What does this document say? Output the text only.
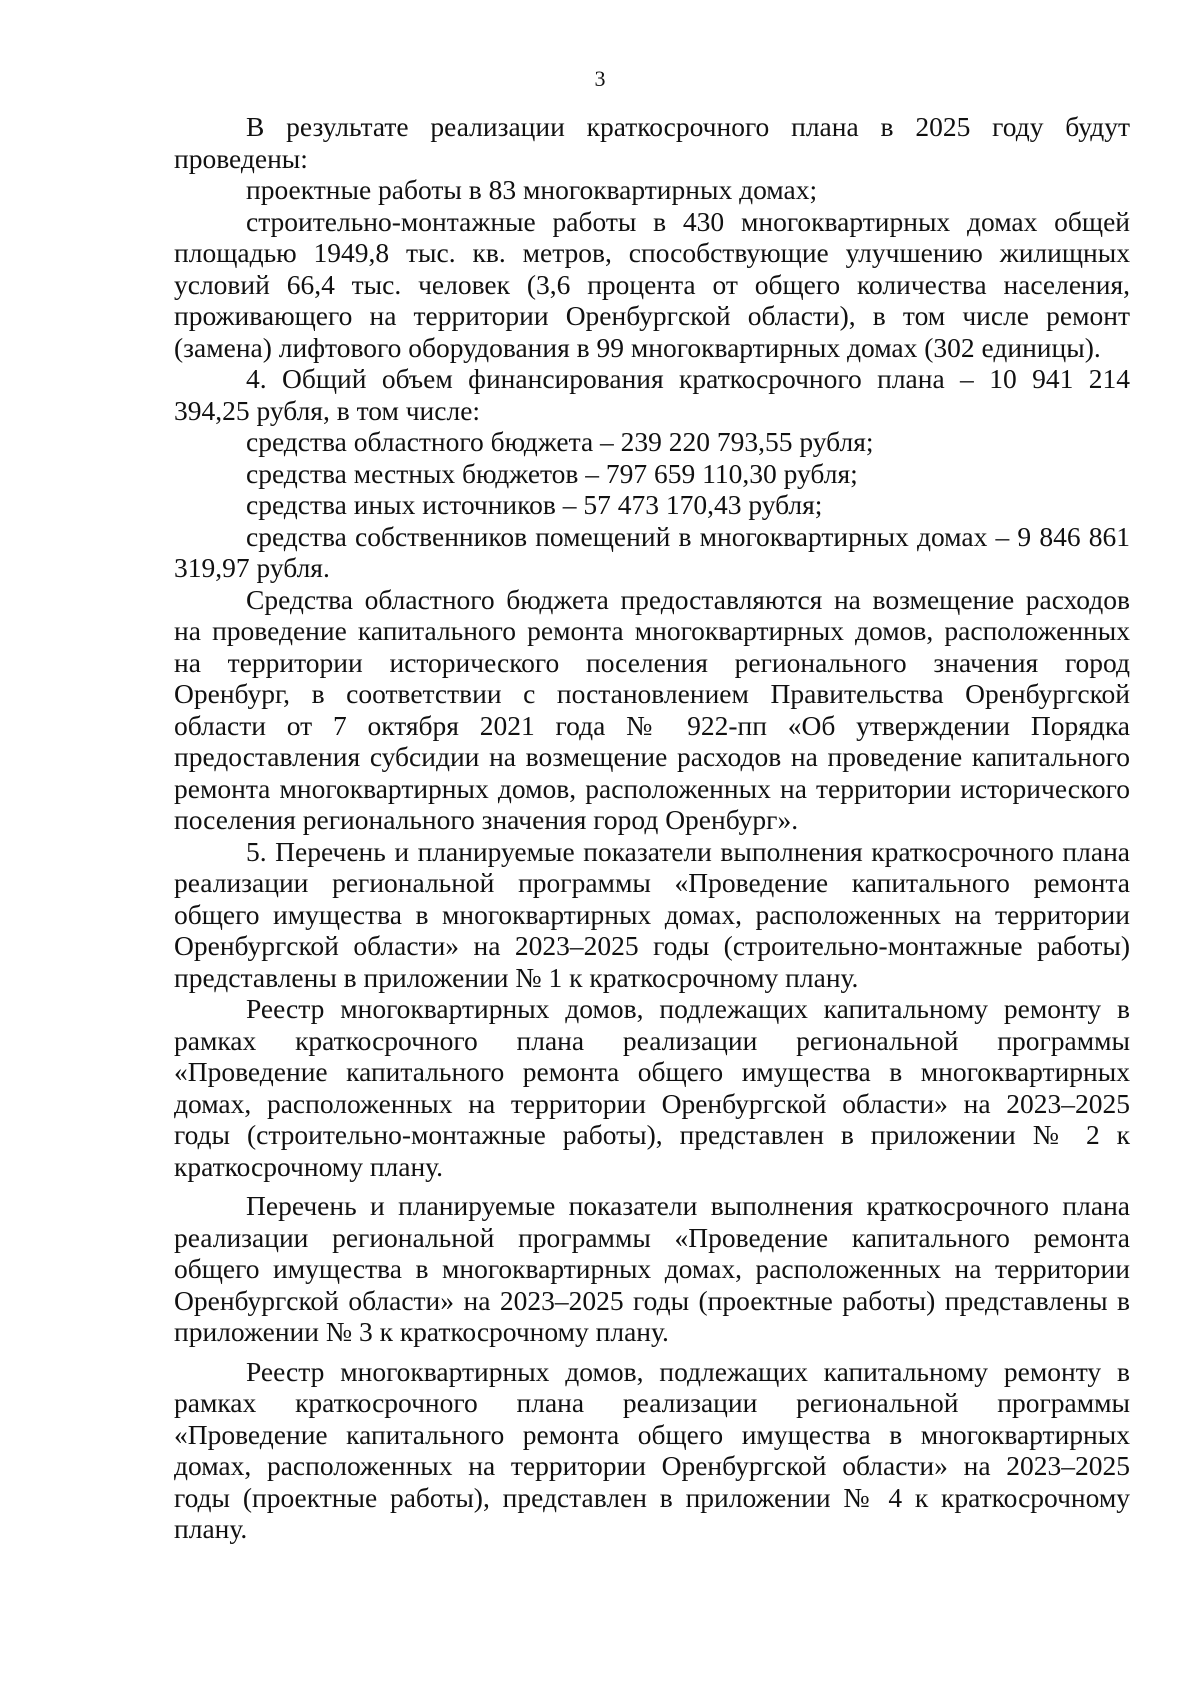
3

В результате реализации краткосрочного плана в 2025 году будут проведены:

проектные работы в 83 многоквартирных домах;

строительно-монтажные работы в 430 многоквартирных домах общей площадью 1949,8 тыс. кв. метров, способствующие улучшению жилищных условий 66,4 тыс. человек (3,6 процента от общего количества населения, проживающего на территории Оренбургской области), в том числе ремонт (замена) лифтового оборудования в 99 многоквартирных домах (302 единицы).

4. Общий объем финансирования краткосрочного плана – 10 941 214 394,25 рубля, в том числе:

средства областного бюджета – 239 220 793,55 рубля;

средства местных бюджетов – 797 659 110,30 рубля;

средства иных источников – 57 473 170,43 рубля;

средства собственников помещений в многоквартирных домах – 9 846 861 319,97 рубля.

Средства областного бюджета предоставляются на возмещение расходов на проведение капитального ремонта многоквартирных домов, расположенных на территории исторического поселения регионального значения город Оренбург, в соответствии с постановлением Правительства Оренбургской области от 7 октября 2021 года № 922-пп «Об утверждении Порядка предоставления субсидии на возмещение расходов на проведение капитального ремонта многоквартирных домов, расположенных на территории исторического поселения регионального значения город Оренбург».

5. Перечень и планируемые показатели выполнения краткосрочного плана реализации региональной программы «Проведение капитального ремонта общего имущества в многоквартирных домах, расположенных на территории Оренбургской области» на 2023–2025 годы (строительно-монтажные работы) представлены в приложении № 1 к краткосрочному плану.

Реестр многоквартирных домов, подлежащих капитальному ремонту в рамках краткосрочного плана реализации региональной программы «Проведение капитального ремонта общего имущества в многоквартирных домах, расположенных на территории Оренбургской области» на 2023–2025 годы (строительно-монтажные работы), представлен в приложении № 2 к краткосрочному плану.

Перечень и планируемые показатели выполнения краткосрочного плана реализации региональной программы «Проведение капитального ремонта общего имущества в многоквартирных домах, расположенных на территории Оренбургской области» на 2023–2025 годы (проектные работы) представлены в приложении № 3 к краткосрочному плану.

Реестр многоквартирных домов, подлежащих капитальному ремонту в рамках краткосрочного плана реализации региональной программы «Проведение капитального ремонта общего имущества в многоквартирных домах, расположенных на территории Оренбургской области» на 2023–2025 годы (проектные работы), представлен в приложении № 4 к краткосрочному плану.
